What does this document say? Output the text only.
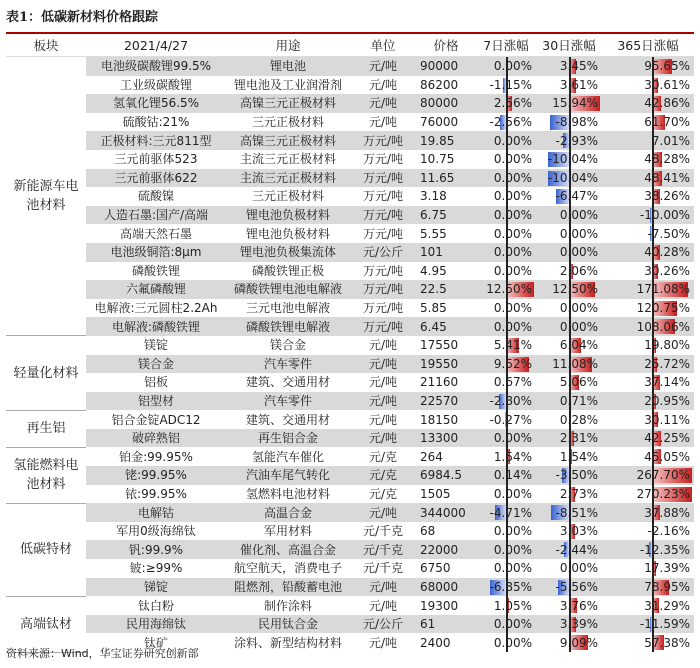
表1：低碳新材料价格跟踪
板块	2021/4/27	用途	单位	价格	7日涨幅	30日涨幅	365日涨幅
新能源车电池材料	电池级碳酸锂99.5%	锂电池	元/吨	90000	0.00%	3.45%	95.65%
	工业级碳酸锂	锂电池及工业润滑剂	元/吨	86200	-1.15%	3.61%	30.61%
	氢氧化锂56.5%	高镍三元正极材料	元/吨	80000	2.56%	15.94%	42.86%
	硫酸钴:21%	三元正极材料	元/吨	76000	-2.56%	-8.98%	61.70%
	正极材料:三元811型	高镍三元正极材料	万元/吨	19.85	0.00%	-2.93%	7.01%
	三元前驱体523	主流三元正极材料	万元/吨	10.75	0.00%	-10.04%	48.28%
	三元前驱体622	主流三元正极材料	万元/吨	11.65	0.00%	-10.04%	48.41%
	硫酸镍	三元正极材料	万元/吨	3.18	0.00%	-6.47%	38.26%
	人造石墨:国产/高端	锂电池负极材料	万元/吨	6.75	0.00%	0.00%	-10.00%
	高端天然石墨	锂电池负极材料	万元/吨	5.55	0.00%	0.00%	-7.50%
	电池级铜箔:8μm	锂电池负极集流体	元/公斤	101	0.00%	0.00%	40.28%
	磷酸铁锂	磷酸铁锂正极	万元/吨	4.95	0.00%	2.06%	30.26%
	六氟磷酸锂	磷酸铁锂电池电解液	万元/吨	22.5	12.50%	12.50%	171.08%
	电解液:三元圆柱2.2Ah	三元电池电解液	万元/吨	5.85	0.00%	0.00%	120.75%
	电解液:磷酸铁锂	磷酸铁锂电解液	万元/吨	6.45	0.00%	0.00%	108.06%
轻量化材料	镁锭	镁合金	元/吨	17550	5.41%	6.04%	19.80%
	镁合金	汽车零件	元/吨	19550	9.52%	11.08%	25.72%
	铝板	建筑、交通用材	元/吨	21160	0.67%	5.06%	37.14%
	铝型材	汽车零件	元/吨	22570	-2.80%	0.71%	20.95%
再生铝	铝合金锭ADC12	建筑、交通用材	元/吨	18150	-0.27%	0.28%	30.11%
	破碎熟铝	再生铝合金	元/吨	13300	0.00%	2.31%	42.25%
氢能燃料电池材料	铂金:99.95%	氢能汽车催化	元/克	264	1.54%	1.54%	45.05%
	铑:99.95%	汽油车尾气转化	元/克	6984.5	0.14%	-3.50%	267.70%
	铱:99.95%	氢燃料电池材料	元/克	1505	0.00%	2.73%	270.23%
低碳特材	电解钴	高温合金	元/吨	344000	-4.71%	-8.51%	37.88%
	军用0级海绵钛	军用材料	元/千克	68	0.00%	3.03%	-2.16%
	钒:99.9%	催化剂、高温合金	元/千克	22000	0.00%	-2.44%	-12.35%
	铍:≥99%	航空航天，消费电子	元/千克	6750	0.00%	0.00%	17.39%
	锑锭	阻燃剂，铅酸蓄电池	元/吨	68000	-6.85%	-5.56%	78.95%
高端钛材	钛白粉	制作涂料	元/吨	19300	1.05%	3.76%	31.29%
	民用海绵钛	民用钛合金	元/公斤	61	0.00%	3.39%	-11.59%
	钛矿	涂料、新型结构材料	元/吨	2400	0.00%	9.09%	57.38%
资料来源：Wind，华宝证券研究创新部
